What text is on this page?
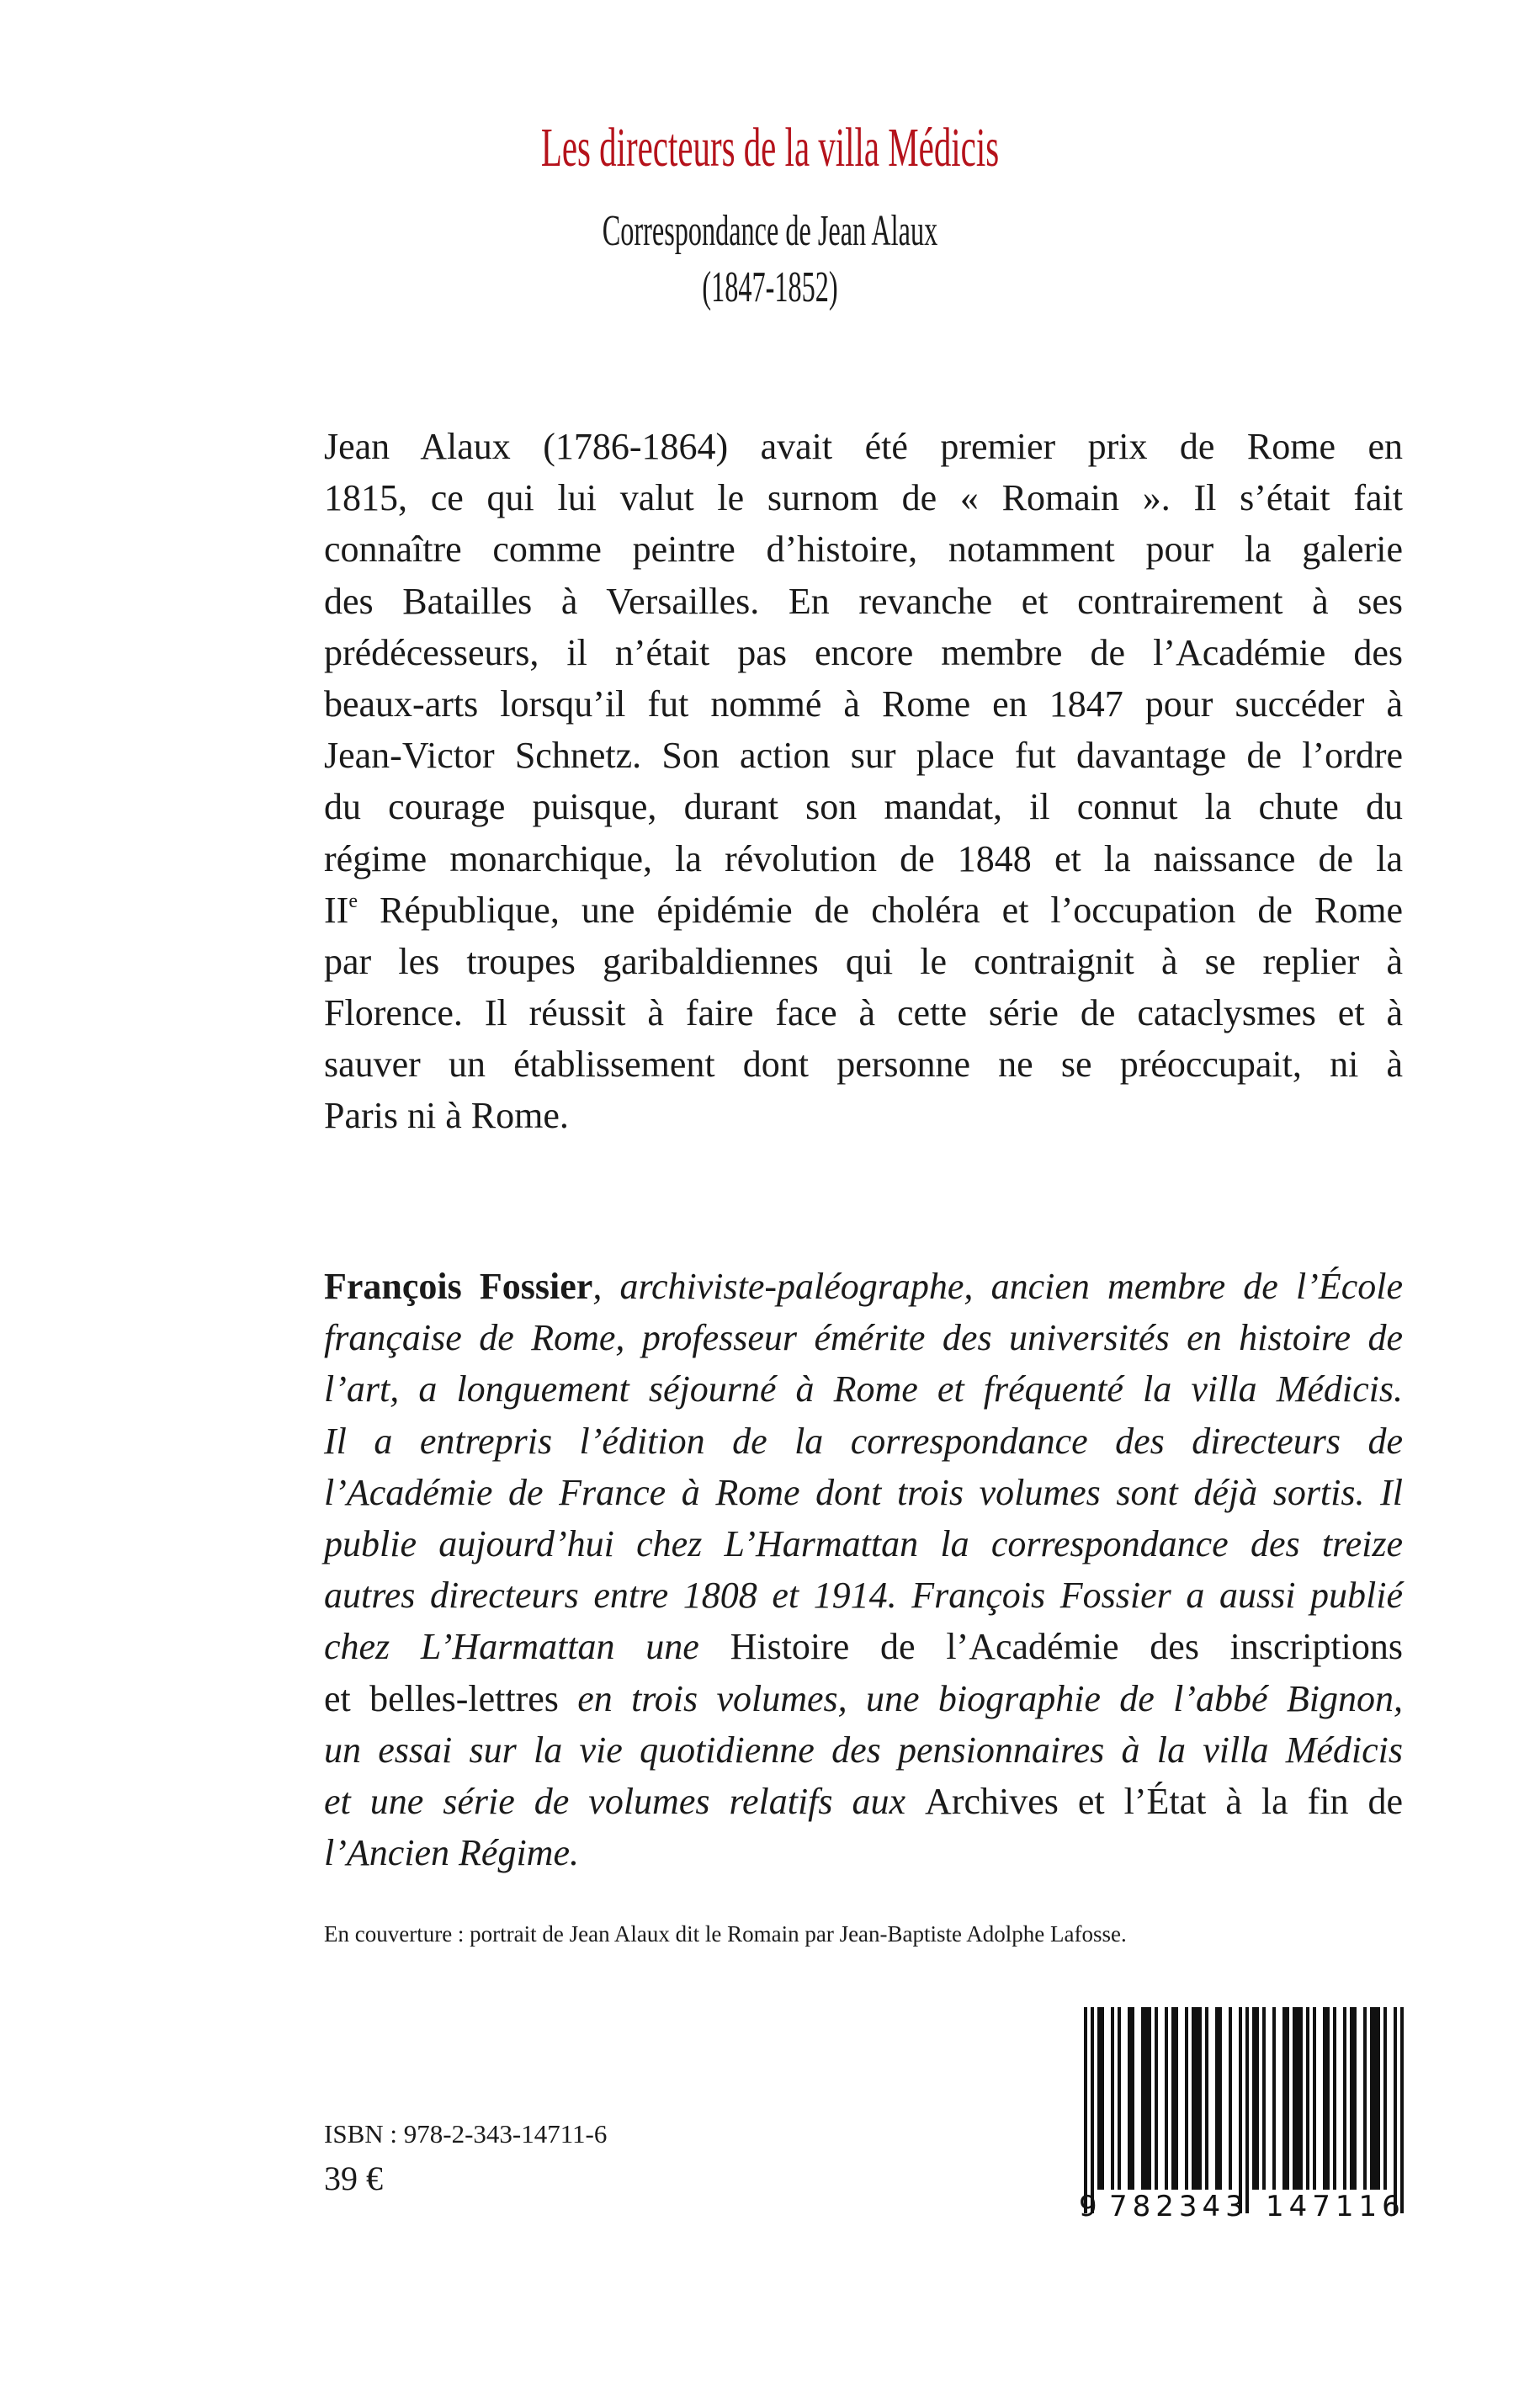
Les directeurs de la villa Médicis
Correspondance de Jean Alaux
(1847-1852)
Jean Alaux (1786-1864) avait été premier prix de Rome en
1815, ce qui lui valut le surnom de « Romain ». Il s’était fait
connaître comme peintre d’histoire, notamment pour la galerie
des Batailles à Versailles. En revanche et contrairement à ses
prédécesseurs, il n’était pas encore membre de l’Académie des
beaux-arts lorsqu’il fut nommé à Rome en 1847 pour succéder à
Jean-Victor Schnetz. Son action sur place fut davantage de l’ordre
du courage puisque, durant son mandat, il connut la chute du
régime monarchique, la révolution de 1848 et la naissance de la
IIe République, une épidémie de choléra et l’occupation de Rome
par les troupes garibaldiennes qui le contraignit à se replier à
Florence. Il réussit à faire face à cette série de cataclysmes et à
sauver un établissement dont personne ne se préoccupait, ni à
Paris ni à Rome.
François Fossier, archiviste-paléographe, ancien membre de l’École
française de Rome, professeur émérite des universités en histoire de
l’art, a longuement séjourné à Rome et fréquenté la villa Médicis.
Il a entrepris l’édition de la correspondance des directeurs de
l’Académie de France à Rome dont trois volumes sont déjà sortis. Il
publie aujourd’hui chez L’Harmattan la correspondance des treize
autres directeurs entre 1808 et 1914. François Fossier a aussi publié
chez L’Harmattan une Histoire de l’Académie des inscriptions
et belles-lettres en trois volumes, une biographie de l’abbé Bignon,
un essai sur la vie quotidienne des pensionnaires à la villa Médicis
et une série de volumes relatifs aux Archives et l’État à la fin de
l’Ancien Régime.
En couverture : portrait de Jean Alaux dit le Romain par Jean-Baptiste Adolphe Lafosse.
ISBN : 978-2-343-14711-6
39 €
9 782343 147116
